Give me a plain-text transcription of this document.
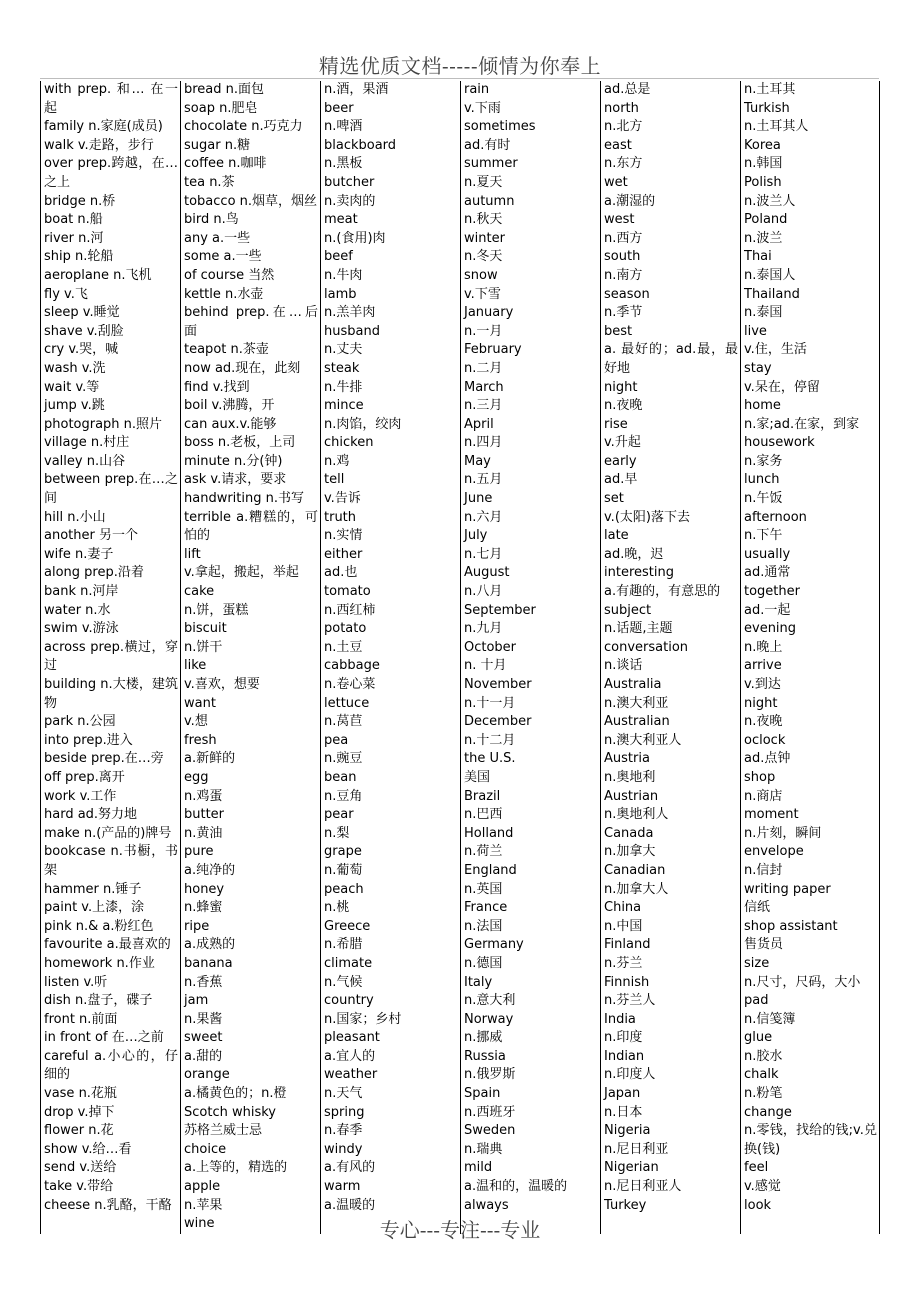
精选优质文档-----倾情为你奉上
with prep. 和… 在一起
family n.家庭(成员)
walk v.走路，步行
over prep.跨越，在…之上
bridge n.桥
boat n.船
river n.河
ship n.轮船
aeroplane n.飞机
fly v.飞
sleep v.睡觉
shave v.刮脸
cry v.哭，喊
wash v.洗
wait v.等
jump v.跳
photograph n.照片
village n.村庄
valley n.山谷
between prep.在…之间
hill n.小山
another 另一个
wife n.妻子
along prep.沿着
bank n.河岸
water n.水
swim v.游泳
across prep.横过，穿过
building n.大楼，建筑物
park n.公园
into prep.进入
beside prep.在…旁
off prep.离开
work v.工作
hard ad.努力地
make n.(产品的)牌号
bookcase n.书橱，书架
hammer n.锤子
paint v.上漆，涂
pink n.& a.粉红色
favourite a.最喜欢的
homework n.作业
listen v.听
dish n.盘子，碟子
front n.前面
in front of 在…之前
careful a.小心的，仔细的
vase n.花瓶
drop v.掉下
flower n.花
show v.给…看
send v.送给
take v.带给
cheese n.乳酪，干酪
bread n.面包
soap n.肥皂
chocolate n.巧克力
sugar n.糖
coffee n.咖啡
tea n.茶
tobacco n.烟草，烟丝
bird n.鸟
any a.一些
some a.一些
of course 当然
kettle n.水壶
behind prep.在…后面
teapot n.茶壶
now ad.现在，此刻
find v.找到
boil v.沸腾，开
can aux.v.能够
boss n.老板，上司
minute n.分(钟)
ask v.请求，要求
handwriting n.书写
terrible a.糟糕的，可怕的
lift
v.拿起，搬起，举起
cake
n.饼，蛋糕
biscuit
n.饼干
like
v.喜欢，想要
want
v.想
fresh
a.新鲜的
egg
n.鸡蛋
butter
n.黄油
pure
a.纯净的
honey
n.蜂蜜
ripe
a.成熟的
banana
n.香蕉
jam
n.果酱
sweet
a.甜的
orange
a.橘黄色的；n.橙
Scotch whisky
苏格兰威士忌
choice
a.上等的，精选的
apple
n.苹果
wine
n.酒，果酒
beer
n.啤酒
blackboard
n.黑板
butcher
n.卖肉的
meat
n.(食用)肉
beef
n.牛肉
lamb
n.羔羊肉
husband
n.丈夫
steak
n.牛排
mince
n.肉馅，绞肉
chicken
n.鸡
tell
v.告诉
truth
n.实情
either
ad.也
tomato
n.西红柿
potato
n.土豆
cabbage
n.卷心菜
lettuce
n.莴苣
pea
n.豌豆
bean
n.豆角
pear
n.梨
grape
n.葡萄
peach
n.桃
Greece
n.希腊
climate
n.气候
country
n.国家；乡村
pleasant
a.宜人的
weather
n.天气
spring
n.春季
windy
a.有风的
warm
a.温暖的
rain
v.下雨
sometimes
ad.有时
summer
n.夏天
autumn
n.秋天
winter
n.冬天
snow
v.下雪
January
n.一月
February
n.二月
March
n.三月
April
n.四月
May
n.五月
June
n.六月
July
n.七月
August
n.八月
September
n.九月
October
n. 十月
November
n.十一月
December
n.十二月
the U.S.
美国
Brazil
n.巴西
Holland
n.荷兰
England
n.英国
France
n.法国
Germany
n.德国
Italy
n.意大利
Norway
n.挪威
Russia
n.俄罗斯
Spain
n.西班牙
Sweden
n.瑞典
mild
a.温和的，温暖的
always
ad.总是
north
n.北方
east
n.东方
wet
a.潮湿的
west
n.西方
south
n.南方
season
n.季节
best
a. 最好的；ad.最，最好地
night
n.夜晚
rise
v.升起
early
ad.早
set
v.(太阳)落下去
late
ad.晚，迟
interesting
a.有趣的，有意思的
subject
n.话题,主题
conversation
n.谈话
Australia
n.澳大利亚
Australian
n.澳大利亚人
Austria
n.奥地利
Austrian
n.奥地利人
Canada
n.加拿大
Canadian
n.加拿大人
China
n.中国
Finland
n.芬兰
Finnish
n.芬兰人
India
n.印度
Indian
n.印度人
Japan
n.日本
Nigeria
n.尼日利亚
Nigerian
n.尼日利亚人
Turkey
n.土耳其
Turkish
n.土耳其人
Korea
n.韩国
Polish
n.波兰人
Poland
n.波兰
Thai
n.泰国人
Thailand
n.泰国
live
v.住，生活
stay
v.呆在，停留
home
n.家;ad.在家，到家
housework
n.家务
lunch
n.午饭
afternoon
n.下午
usually
ad.通常
together
ad.一起
evening
n.晚上
arrive
v.到达
night
n.夜晚
oclock
ad.点钟
shop
n.商店
moment
n.片刻，瞬间
envelope
n.信封
writing paper
信纸
shop assistant
售货员
size
n.尺寸，尺码，大小
pad
n.信笺簿
glue
n.胶水
chalk
n.粉笔
change
n.零钱，找给的钱;v.兑换(钱)
feel
v.感觉
look
专心---专注---专业
